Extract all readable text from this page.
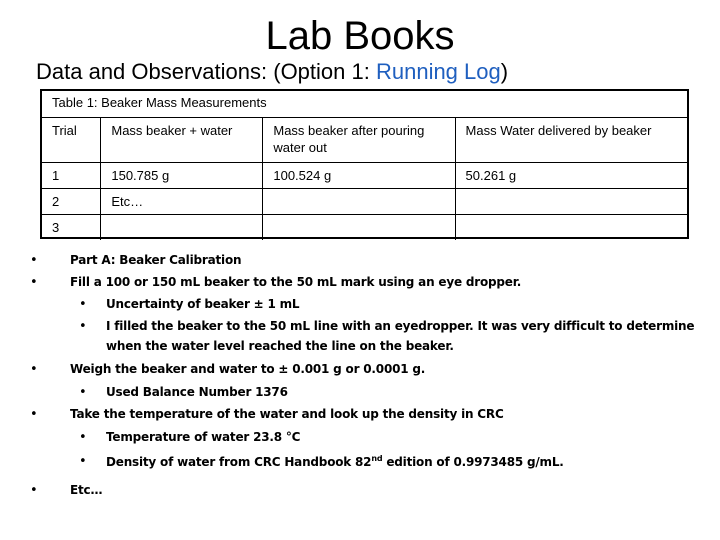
Lab Books
Data and Observations: (Option 1: Running Log)
Table 1: Beaker Mass Measurements
Trial	Mass beaker + water	Mass beaker after pouring water out	Mass Water delivered by beaker
1	150.785 g	100.524 g	50.261 g
2	Etc…		
3			
•	Part A: Beaker Calibration
•	Fill a 100 or 150 mL beaker to the 50 mL mark using an eye dropper.
• Uncertainty of beaker ± 1 mL
• I filled the beaker to the 50 mL line with an eyedropper. It was very difficult to determine
when the water level reached the line on the beaker.
•	Weigh the beaker and water to ± 0.001 g or 0.0001 g.
• Used Balance Number 1376
•	Take the temperature of the water and look up the density in CRC
• Temperature of water 23.8 °C
• Density of water from CRC Handbook 82nd edition of 0.9973485 g/mL.
•	Etc…
